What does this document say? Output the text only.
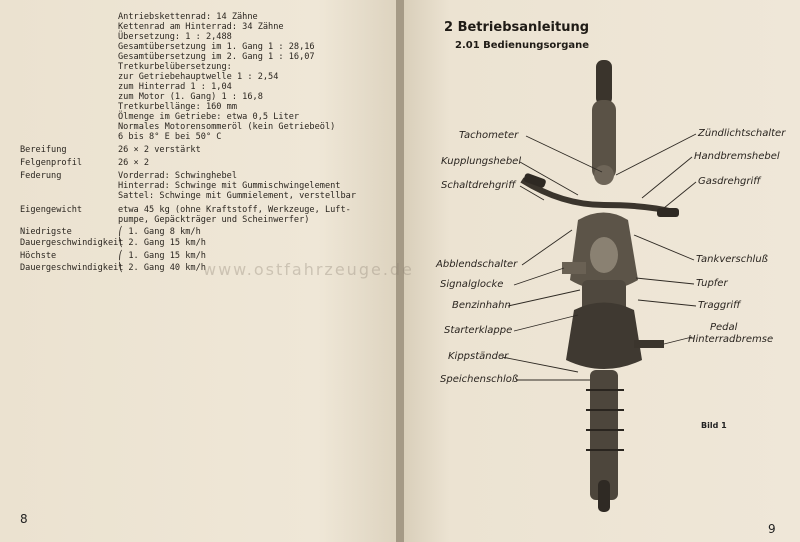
Antriebskettenrad: 14 Zähne
Kettenrad am Hinterrad: 34 Zähne
Übersetzung: 1 : 2,488
Gesamtübersetzung im 1. Gang 1 : 28,16
Gesamtübersetzung im 2. Gang 1 : 16,07
Tretkurbelübersetzung:
zur Getriebehauptwelle 1 : 2,54
zum Hinterrad 1 : 1,04
zum Motor (1. Gang) 1 : 16,8
Tretkurbellänge: 160 mm
Ölmenge im Getriebe: etwa 0,5 Liter
Normales Motorensommeröl (kein Getriebeöl)
6 bis 8° E bei 50° C
Bereifung	26 × 2 verstärkt
Felgenprofil	26 × 2
Federung	Vorderrad: Schwinghebel
Hinterrad: Schwinge mit Gummischwingelement
Sattel: Schwinge mit Gummielement, verstellbar
Eigengewicht	etwa 45 kg (ohne Kraftstoff, Werkzeuge, Luft-
pumpe, Gepäckträger und Scheinwerfer)
Niedrigste	⎛ 1. Gang 8 km/h
Dauergeschwindigkeit
⎝ 2. Gang 15 km/h
Höchste	⎛ 1. Gang 15 km/h
Dauergeschwindigkeit
⎝ 2. Gang 40 km/h
www.ostfahrzeuge.de
8
2 Betriebsanleitung
2.01 Bedienungsorgane
Tachometer
Kupplungshebel
Schaltdrehgriff
Abblendschalter
Signalglocke
Benzinhahn
Starterklappe
Kippständer
Speichenschloß
Zündlichtschalter
Handbremshebel
Gasdrehgriff
Tankverschluß
Tupfer
Traggriff
Pedal
Hinterradbremse
Bild 1
9
